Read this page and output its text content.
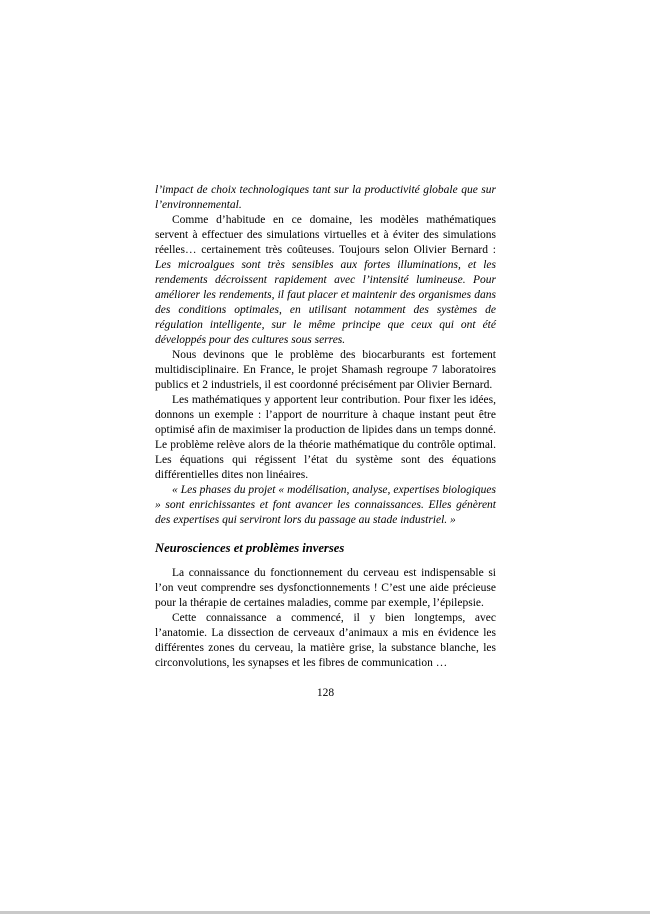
l’impact de choix technologiques tant sur la productivité globale que sur l’environnemental.

Comme d’habitude en ce domaine, les modèles mathématiques servent à effectuer des simulations virtuelles et à éviter des simulations réelles… certainement très coûteuses. Toujours selon Olivier Bernard : Les microalgues sont très sensibles aux fortes illuminations, et les rendements décroissent rapidement avec l’intensité lumineuse. Pour améliorer les rendements, il faut placer et maintenir des organismes dans des conditions optimales, en utilisant notamment des systèmes de régulation intelligente, sur le même principe que ceux qui ont été développés pour des cultures sous serres.

Nous devinons que le problème des biocarburants est fortement multidisciplinaire. En France, le projet Shamash regroupe 7 laboratoires publics et 2 industriels, il est coordonné précisément par Olivier Bernard.

Les mathématiques y apportent leur contribution. Pour fixer les idées, donnons un exemple : l’apport de nourriture à chaque instant peut être optimisé afin de maximiser la production de lipides dans un temps donné. Le problème relève alors de la théorie mathématique du contrôle optimal. Les équations qui régissent l’état du système sont des équations différentielles dites non linéaires.

« Les phases du projet « modélisation, analyse, expertises biologiques » sont enrichissantes et font avancer les connaissances. Elles génèrent des expertises qui serviront lors du passage au stade industriel. »

Neurosciences et problèmes inverses

La connaissance du fonctionnement du cerveau est indispensable si l’on veut comprendre ses dysfonctionnements ! C’est une aide précieuse pour la thérapie de certaines maladies, comme par exemple, l’épilepsie.

Cette connaissance a commencé, il y bien longtemps, avec l’anatomie. La dissection de cerveaux d’animaux a mis en évidence les différentes zones du cerveau, la matière grise, la substance blanche, les circonvolutions, les synapses et les fibres de communication …

128
